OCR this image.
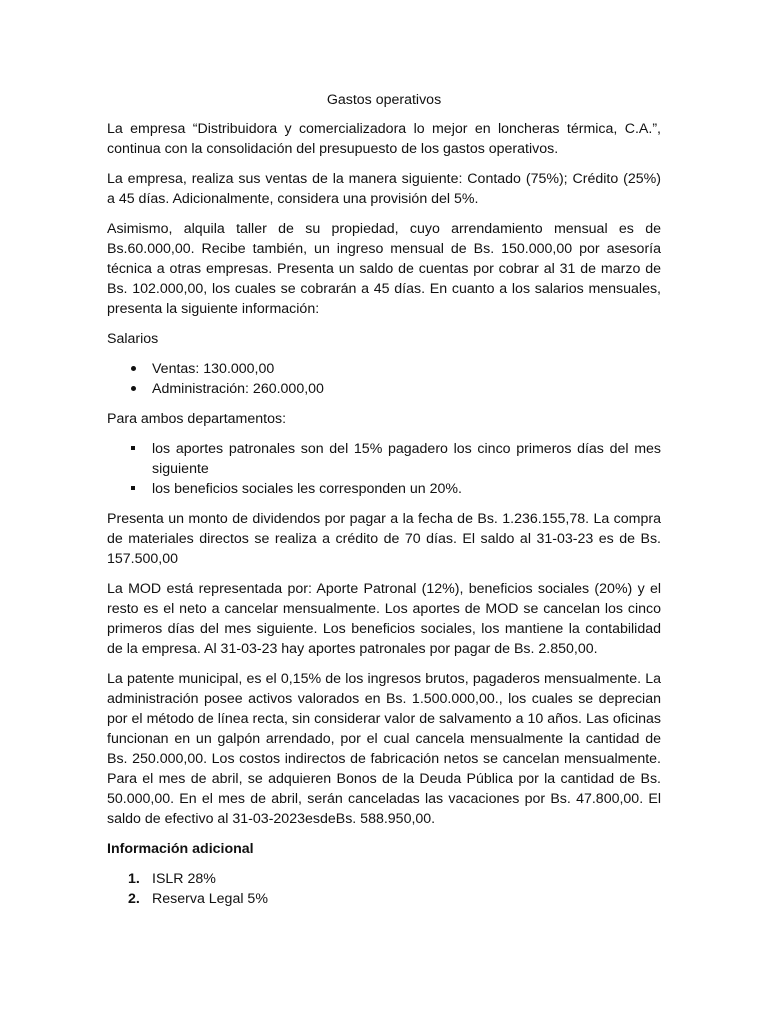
Gastos operativos

La empresa “Distribuidora y comercializadora lo mejor en loncheras térmica, C.A.”, continua con la consolidación del presupuesto de los gastos operativos.

La empresa, realiza sus ventas de la manera siguiente: Contado (75%); Crédito (25%) a 45 días. Adicionalmente, considera una provisión del 5%.

Asimismo, alquila taller de su propiedad, cuyo arrendamiento mensual es de Bs.60.000,00. Recibe también, un ingreso mensual de Bs. 150.000,00 por asesoría técnica a otras empresas. Presenta un saldo de cuentas por cobrar al 31 de marzo de Bs. 102.000,00, los cuales se cobrarán a 45 días. En cuanto a los salarios mensuales, presenta la siguiente información:

Salarios

Ventas: 130.000,00
Administración: 260.000,00

Para ambos departamentos:

los aportes patronales son del 15% pagadero los cinco primeros días del mes siguiente
los beneficios sociales les corresponden un 20%.

Presenta un monto de dividendos por pagar a la fecha de Bs. 1.236.155,78. La compra de materiales directos se realiza a crédito de 70 días. El saldo al 31-03-23 es de Bs. 157.500,00

La MOD está representada por: Aporte Patronal (12%), beneficios sociales (20%) y el resto es el neto a cancelar mensualmente. Los aportes de MOD se cancelan los cinco primeros días del mes siguiente. Los beneficios sociales, los mantiene la contabilidad de la empresa. Al 31-03-23 hay aportes patronales por pagar de Bs. 2.850,00.

La patente municipal, es el 0,15% de los ingresos brutos, pagaderos mensualmente. La administración posee activos valorados en Bs. 1.500.000,00., los cuales se deprecian por el método de línea recta, sin considerar valor de salvamento a 10 años. Las oficinas funcionan en un galpón arrendado, por el cual cancela mensualmente la cantidad de Bs. 250.000,00. Los costos indirectos de fabricación netos se cancelan mensualmente. Para el mes de abril, se adquieren Bonos de la Deuda Pública por la cantidad de Bs. 50.000,00. En el mes de abril, serán canceladas las vacaciones por Bs. 47.800,00. El saldo de efectivo al 31-03-2023esdeBs. 588.950,00.

Información adicional
1. ISLR 28%
2. Reserva Legal 5%
